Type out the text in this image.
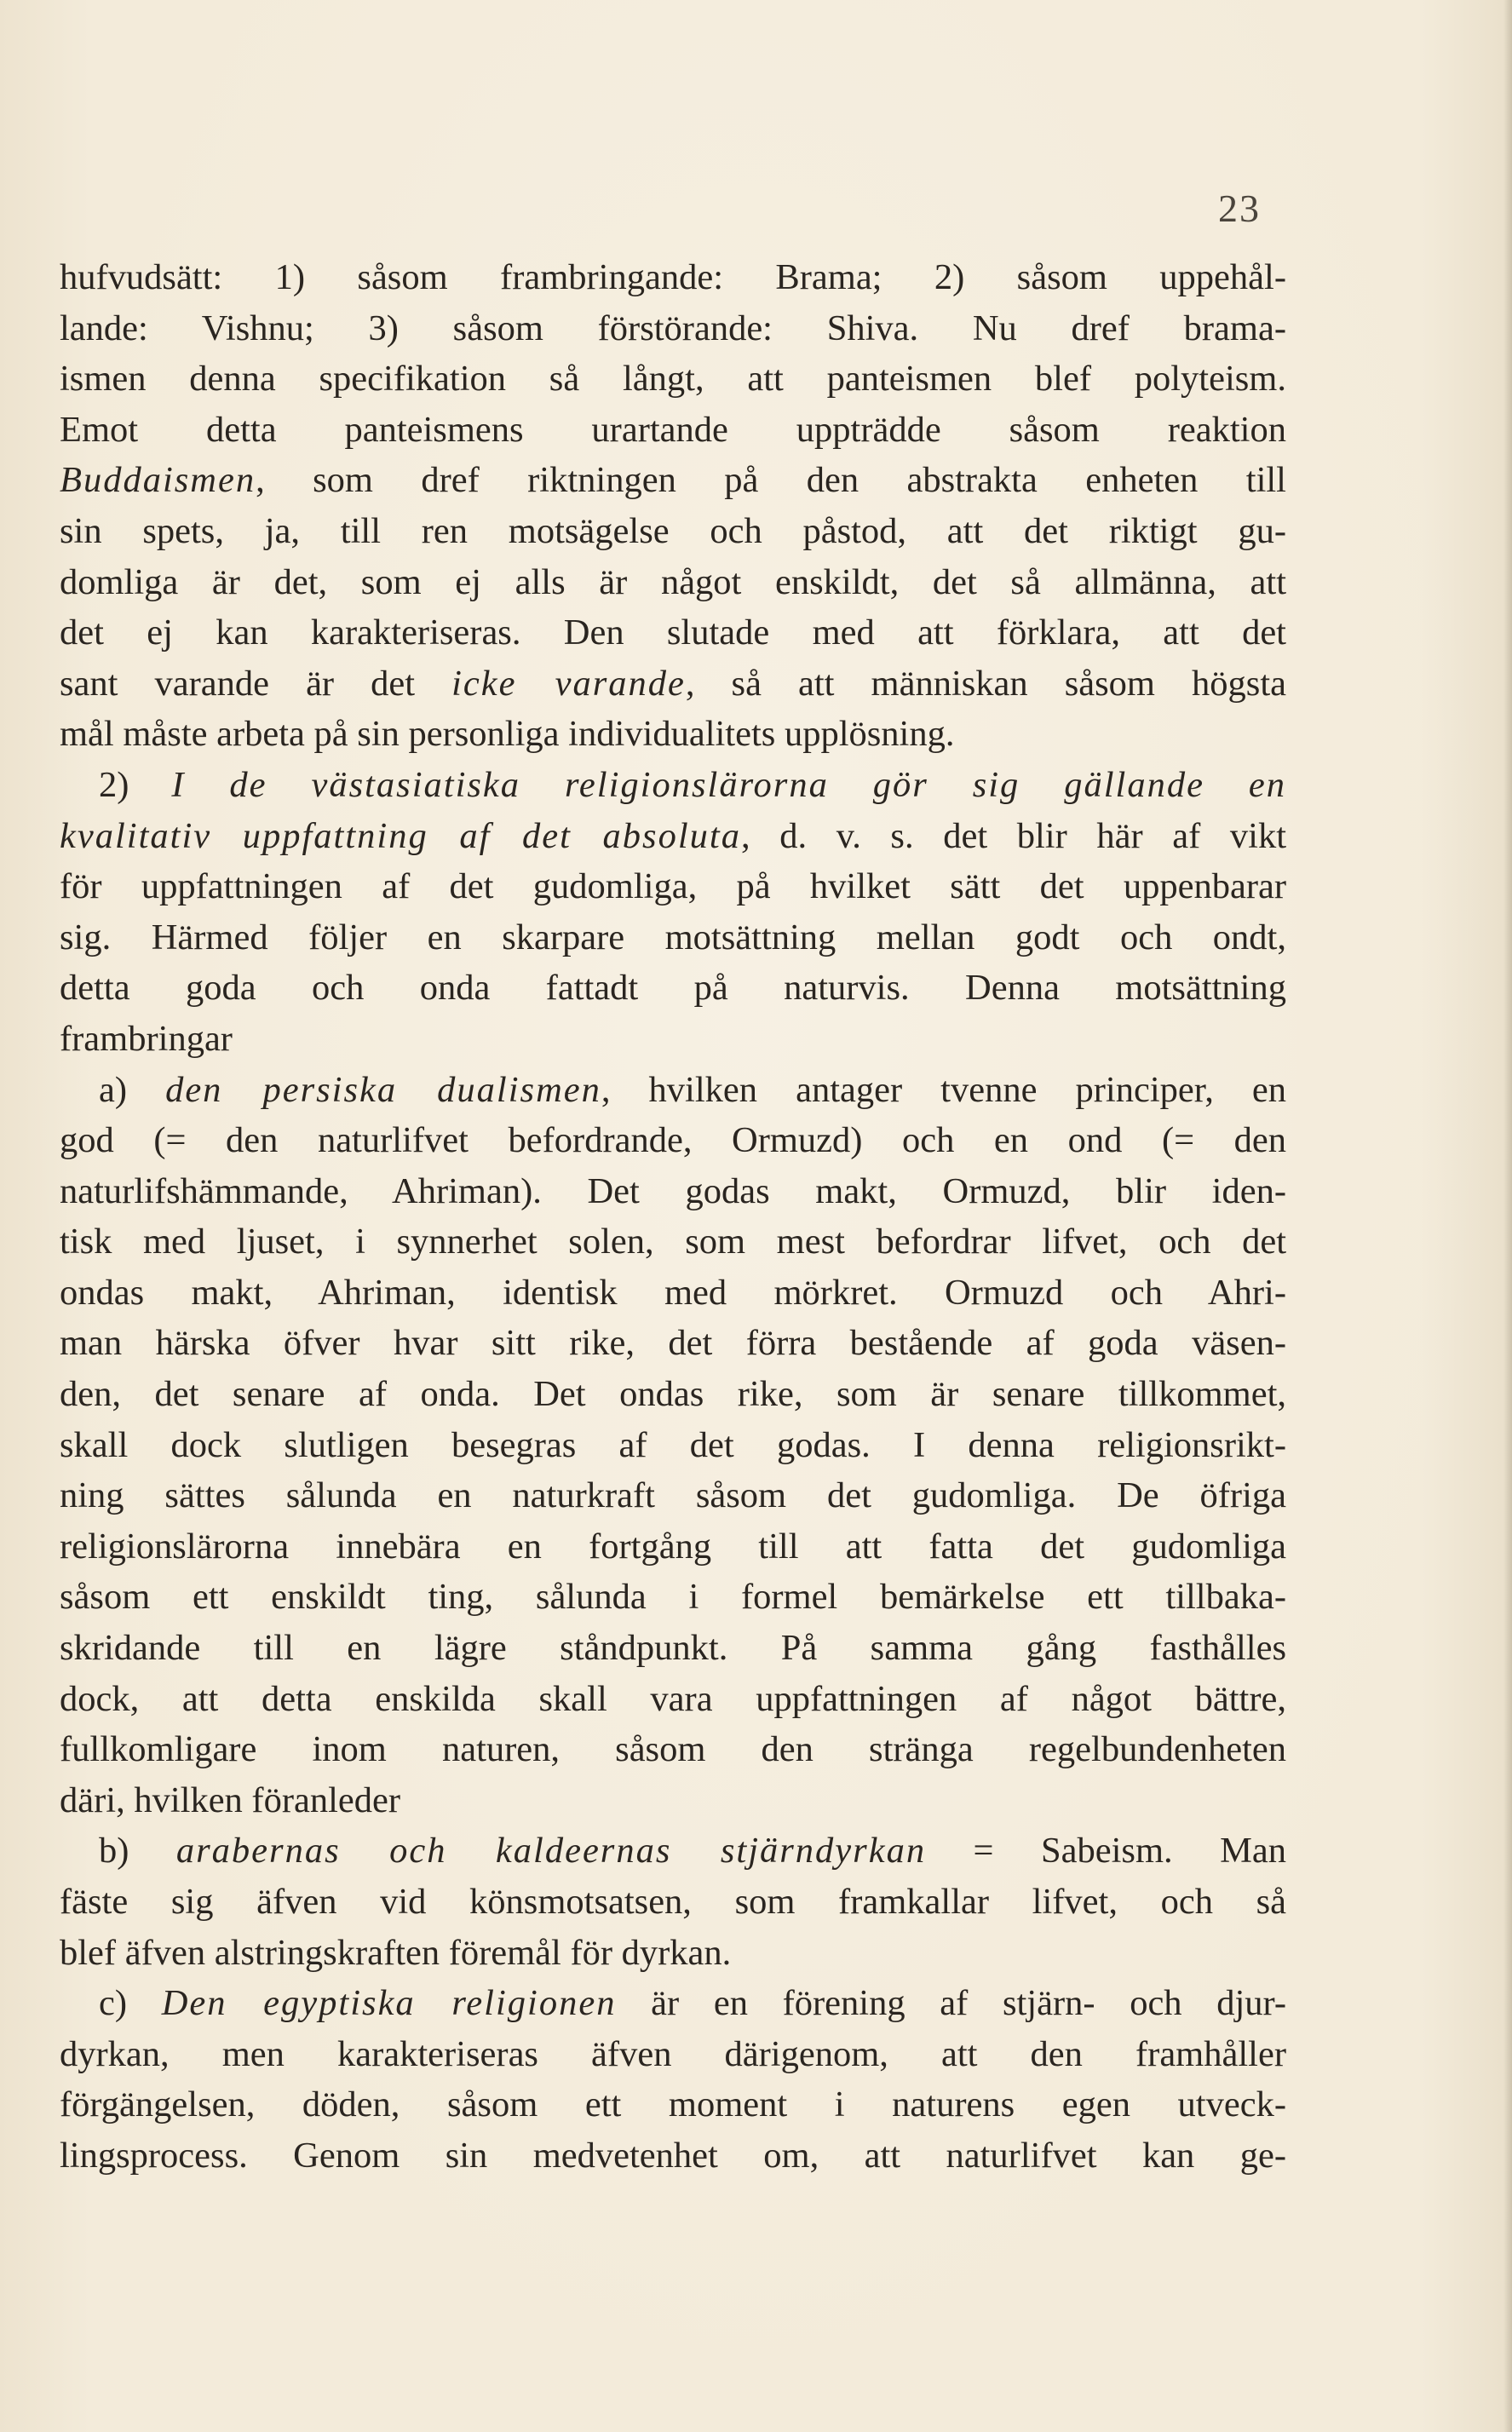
23
hufvudsätt: 1) såsom frambringande: Brama; 2) såsom uppehål-
lande: Vishnu; 3) såsom förstörande: Shiva. Nu dref brama-
ismen denna specifikation så långt, att panteismen blef polyteism.
Emot detta panteismens urartande uppträdde såsom reaktion
Buddaismen, som dref riktningen på den abstrakta enheten till
sin spets, ja, till ren motsägelse och påstod, att det riktigt gu-
domliga är det, som ej alls är något enskildt, det så allmänna, att
det ej kan karakteriseras. Den slutade med att förklara, att det
sant varande är det icke varande, så att människan såsom högsta
mål måste arbeta på sin personliga individualitets upplösning.
2) I de västasiatiska religionslärorna gör sig gällande en
kvalitativ uppfattning af det absoluta, d. v. s. det blir här af vikt
för uppfattningen af det gudomliga, på hvilket sätt det uppenbarar
sig. Härmed följer en skarpare motsättning mellan godt och ondt,
detta goda och onda fattadt på naturvis. Denna motsättning
frambringar
a) den persiska dualismen, hvilken antager tvenne principer, en
god (= den naturlifvet befordrande, Ormuzd) och en ond (= den
naturlifshämmande, Ahriman). Det godas makt, Ormuzd, blir iden-
tisk med ljuset, i synnerhet solen, som mest befordrar lifvet, och det
ondas makt, Ahriman, identisk med mörkret. Ormuzd och Ahri-
man härska öfver hvar sitt rike, det förra bestående af goda väsen-
den, det senare af onda. Det ondas rike, som är senare tillkommet,
skall dock slutligen besegras af det godas. I denna religionsrikt-
ning sättes sålunda en naturkraft såsom det gudomliga. De öfriga
religionslärorna innebära en fortgång till att fatta det gudomliga
såsom ett enskildt ting, sålunda i formel bemärkelse ett tillbaka-
skridande till en lägre ståndpunkt. På samma gång fasthålles
dock, att detta enskilda skall vara uppfattningen af något bättre,
fullkomligare inom naturen, såsom den stränga regelbundenheten
däri, hvilken föranleder
b) arabernas och kaldeernas stjärndyrkan = Sabeism. Man
fäste sig äfven vid könsmotsatsen, som framkallar lifvet, och så
blef äfven alstringskraften föremål för dyrkan.
c) Den egyptiska religionen är en förening af stjärn- och djur-
dyrkan, men karakteriseras äfven därigenom, att den framhåller
förgängelsen, döden, såsom ett moment i naturens egen utveck-
lingsprocess. Genom sin medvetenhet om, att naturlifvet kan ge-
